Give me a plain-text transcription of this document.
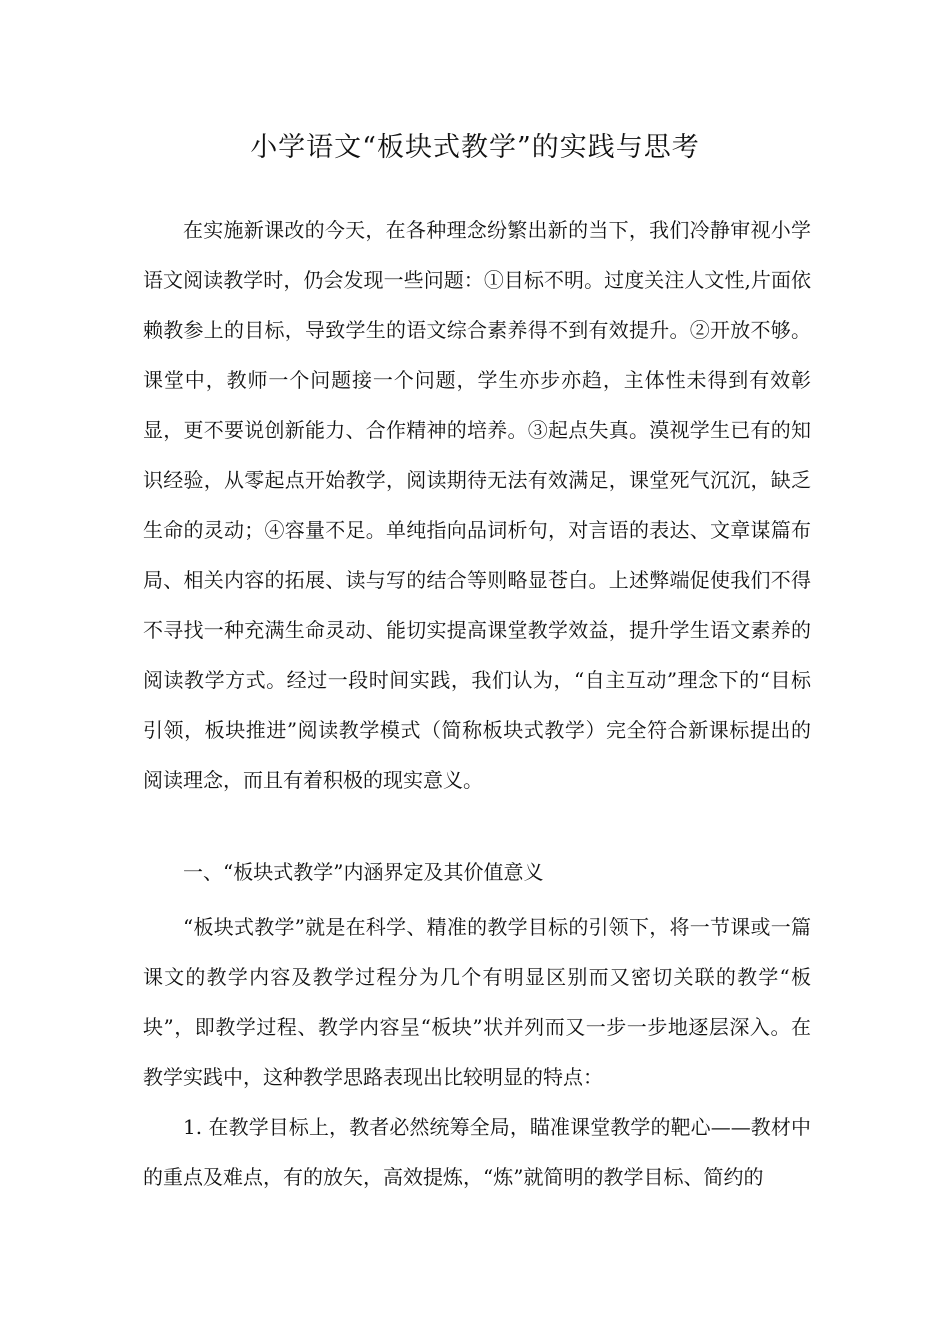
小学语文“板块式教学”的实践与思考

在实施新课改的今天，在各种理念纷繁出新的当下，我们冷静审视小学语文阅读教学时，仍会发现一些问题：①目标不明。过度关注人文性,片面依赖教参上的目标，导致学生的语文综合素养得不到有效提升。②开放不够。课堂中，教师一个问题接一个问题，学生亦步亦趋，主体性未得到有效彰显，更不要说创新能力、合作精神的培养。③起点失真。漠视学生已有的知识经验，从零起点开始教学，阅读期待无法有效满足，课堂死气沉沉，缺乏生命的灵动；④容量不足。单纯指向品词析句，对言语的表达、文章谋篇布局、相关内容的拓展、读与写的结合等则略显苍白。上述弊端促使我们不得不寻找一种充满生命灵动、能切实提高课堂教学效益，提升学生语文素养的阅读教学方式。经过一段时间实践，我们认为，“自主互动”理念下的“目标引领，板块推进”阅读教学模式（简称板块式教学）完全符合新课标提出的阅读理念，而且有着积极的现实意义。

一、“板块式教学”内涵界定及其价值意义

“板块式教学”就是在科学、精准的教学目标的引领下，将一节课或一篇课文的教学内容及教学过程分为几个有明显区别而又密切关联的教学“板块”，即教学过程、教学内容呈“板块”状并列而又一步一步地逐层深入。在教学实践中，这种教学思路表现出比较明显的特点：

1. 在教学目标上，教者必然统筹全局，瞄准课堂教学的靶心——教材中的重点及难点，有的放矢，高效提炼，“炼”就简明的教学目标、简约的
